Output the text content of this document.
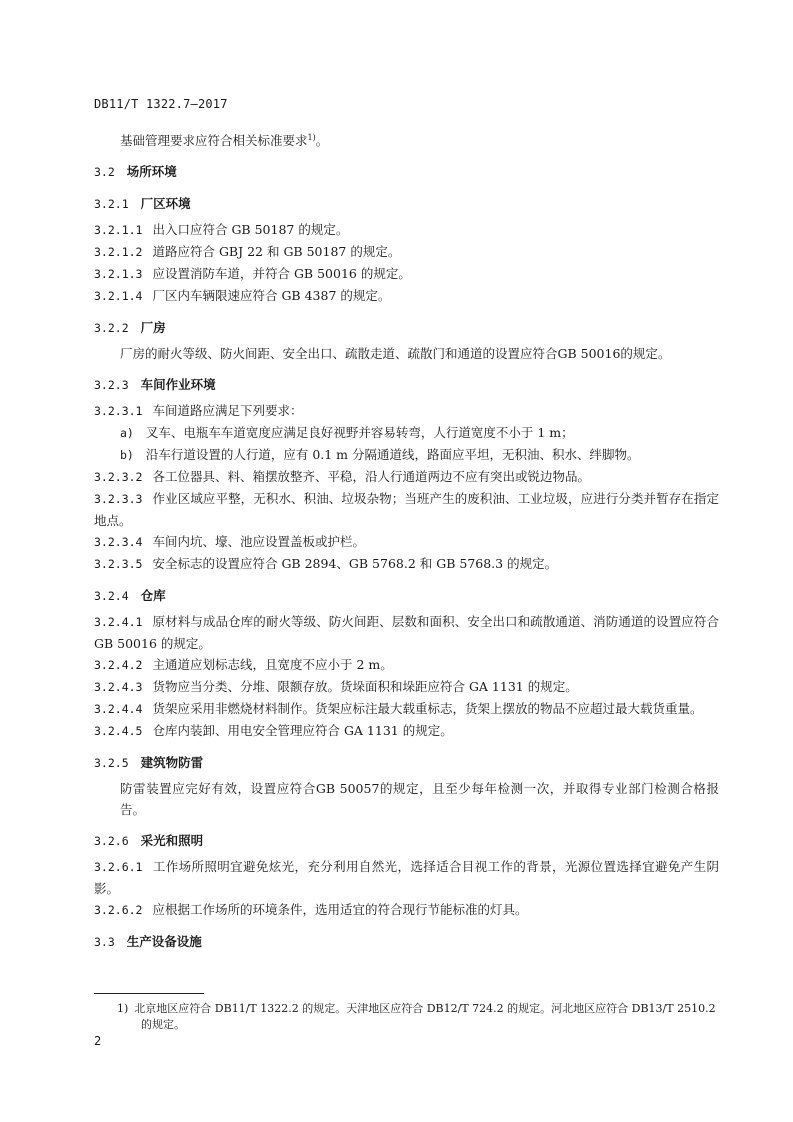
DB11/T 1322.7—2017
基础管理要求应符合相关标准要求$^{1)}$。
3.2 场所环境
3.2.1 厂区环境
3.2.1.1 出入口应符合 GB 50187 的规定。
3.2.1.2 道路应符合 GBJ 22 和 GB 50187 的规定。
3.2.1.3 应设置消防车道，并符合 GB 50016 的规定。
3.2.1.4 厂区内车辆限速应符合 GB 4387 的规定。
3.2.2 厂房
厂房的耐火等级、防火间距、安全出口、疏散走道、疏散门和通道的设置应符合GB 50016的规定。
3.2.3 车间作业环境
3.2.3.1 车间道路应满足下列要求：
a) 叉车、电瓶车车道宽度应满足良好视野并容易转弯，人行道宽度不小于 1 m；
b) 沿车行道设置的人行道，应有 0.1 m 分隔通道线，路面应平坦，无积油、积水、绊脚物。
3.2.3.2 各工位器具、料、箱摆放整齐、平稳，沿人行通道两边不应有突出或锐边物品。
3.2.3.3 作业区域应平整，无积水、积油、垃圾杂物；当班产生的废积油、工业垃圾，应进行分类并暂存在指定地点。
3.2.3.4 车间内坑、壕、池应设置盖板或护栏。
3.2.3.5 安全标志的设置应符合 GB 2894、GB 5768.2 和 GB 5768.3 的规定。
3.2.4 仓库
3.2.4.1 原材料与成品仓库的耐火等级、防火间距、层数和面积、安全出口和疏散通道、消防通道的设置应符合 GB 50016 的规定。
3.2.4.2 主通道应划标志线，且宽度不应小于 2 m。
3.2.4.3 货物应当分类、分堆、限额存放。货垛面积和垛距应符合 GA 1131 的规定。
3.2.4.4 货架应采用非燃烧材料制作。货架应标注最大载重标志，货架上摆放的物品不应超过最大载货重量。
3.2.4.5 仓库内装卸、用电安全管理应符合 GA 1131 的规定。
3.2.5 建筑物防雷
防雷装置应完好有效，设置应符合GB 50057的规定，且至少每年检测一次，并取得专业部门检测合格报告。
3.2.6 采光和照明
3.2.6.1 工作场所照明宜避免炫光，充分利用自然光，选择适合目视工作的背景，光源位置选择宜避免产生阴影。
3.2.6.2 应根据工作场所的环境条件，选用适宜的符合现行节能标准的灯具。
3.3 生产设备设施
1) 北京地区应符合 DB11/T 1322.2 的规定。天津地区应符合 DB12/T 724.2 的规定。河北地区应符合 DB13/T 2510.2
的规定。
2
